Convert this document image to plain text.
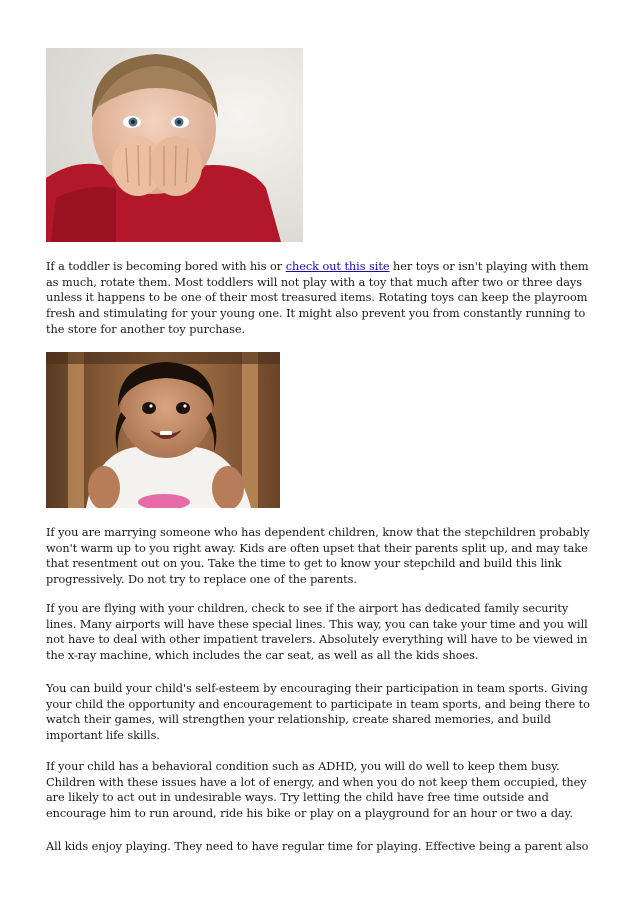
If a toddler is becoming bored with his or check out this site her toys or isn't playing with them as much, rotate them. Most toddlers will not play with a toy that much after two or three days unless it happens to be one of their most treasured items. Rotating toys can keep the playroom fresh and stimulating for your young one. It might also prevent you from constantly running to the store for another toy purchase.

If you are marrying someone who has dependent children, know that the stepchildren probably won't warm up to you right away. Kids are often upset that their parents split up, and may take that resentment out on you. Take the time to get to know your stepchild and build this link progressively. Do not try to replace one of the parents.

If you are flying with your children, check to see if the airport has dedicated family security lines. Many airports will have these special lines. This way, you can take your time and you will not have to deal with other impatient travelers. Absolutely everything will have to be viewed in the x-ray machine, which includes the car seat, as well as all the kids shoes.

You can build your child's self-esteem by encouraging their participation in team sports. Giving your child the opportunity and encouragement to participate in team sports, and being there to watch their games, will strengthen your relationship, create shared memories, and build important life skills.

If your child has a behavioral condition such as ADHD, you will do well to keep them busy. Children with these issues have a lot of energy, and when you do not keep them occupied, they are likely to act out in undesirable ways. Try letting the child have free time outside and encourage him to run around, ride his bike or play on a playground for an hour or two a day.

All kids enjoy playing. They need to have regular time for playing. Effective being a parent also
